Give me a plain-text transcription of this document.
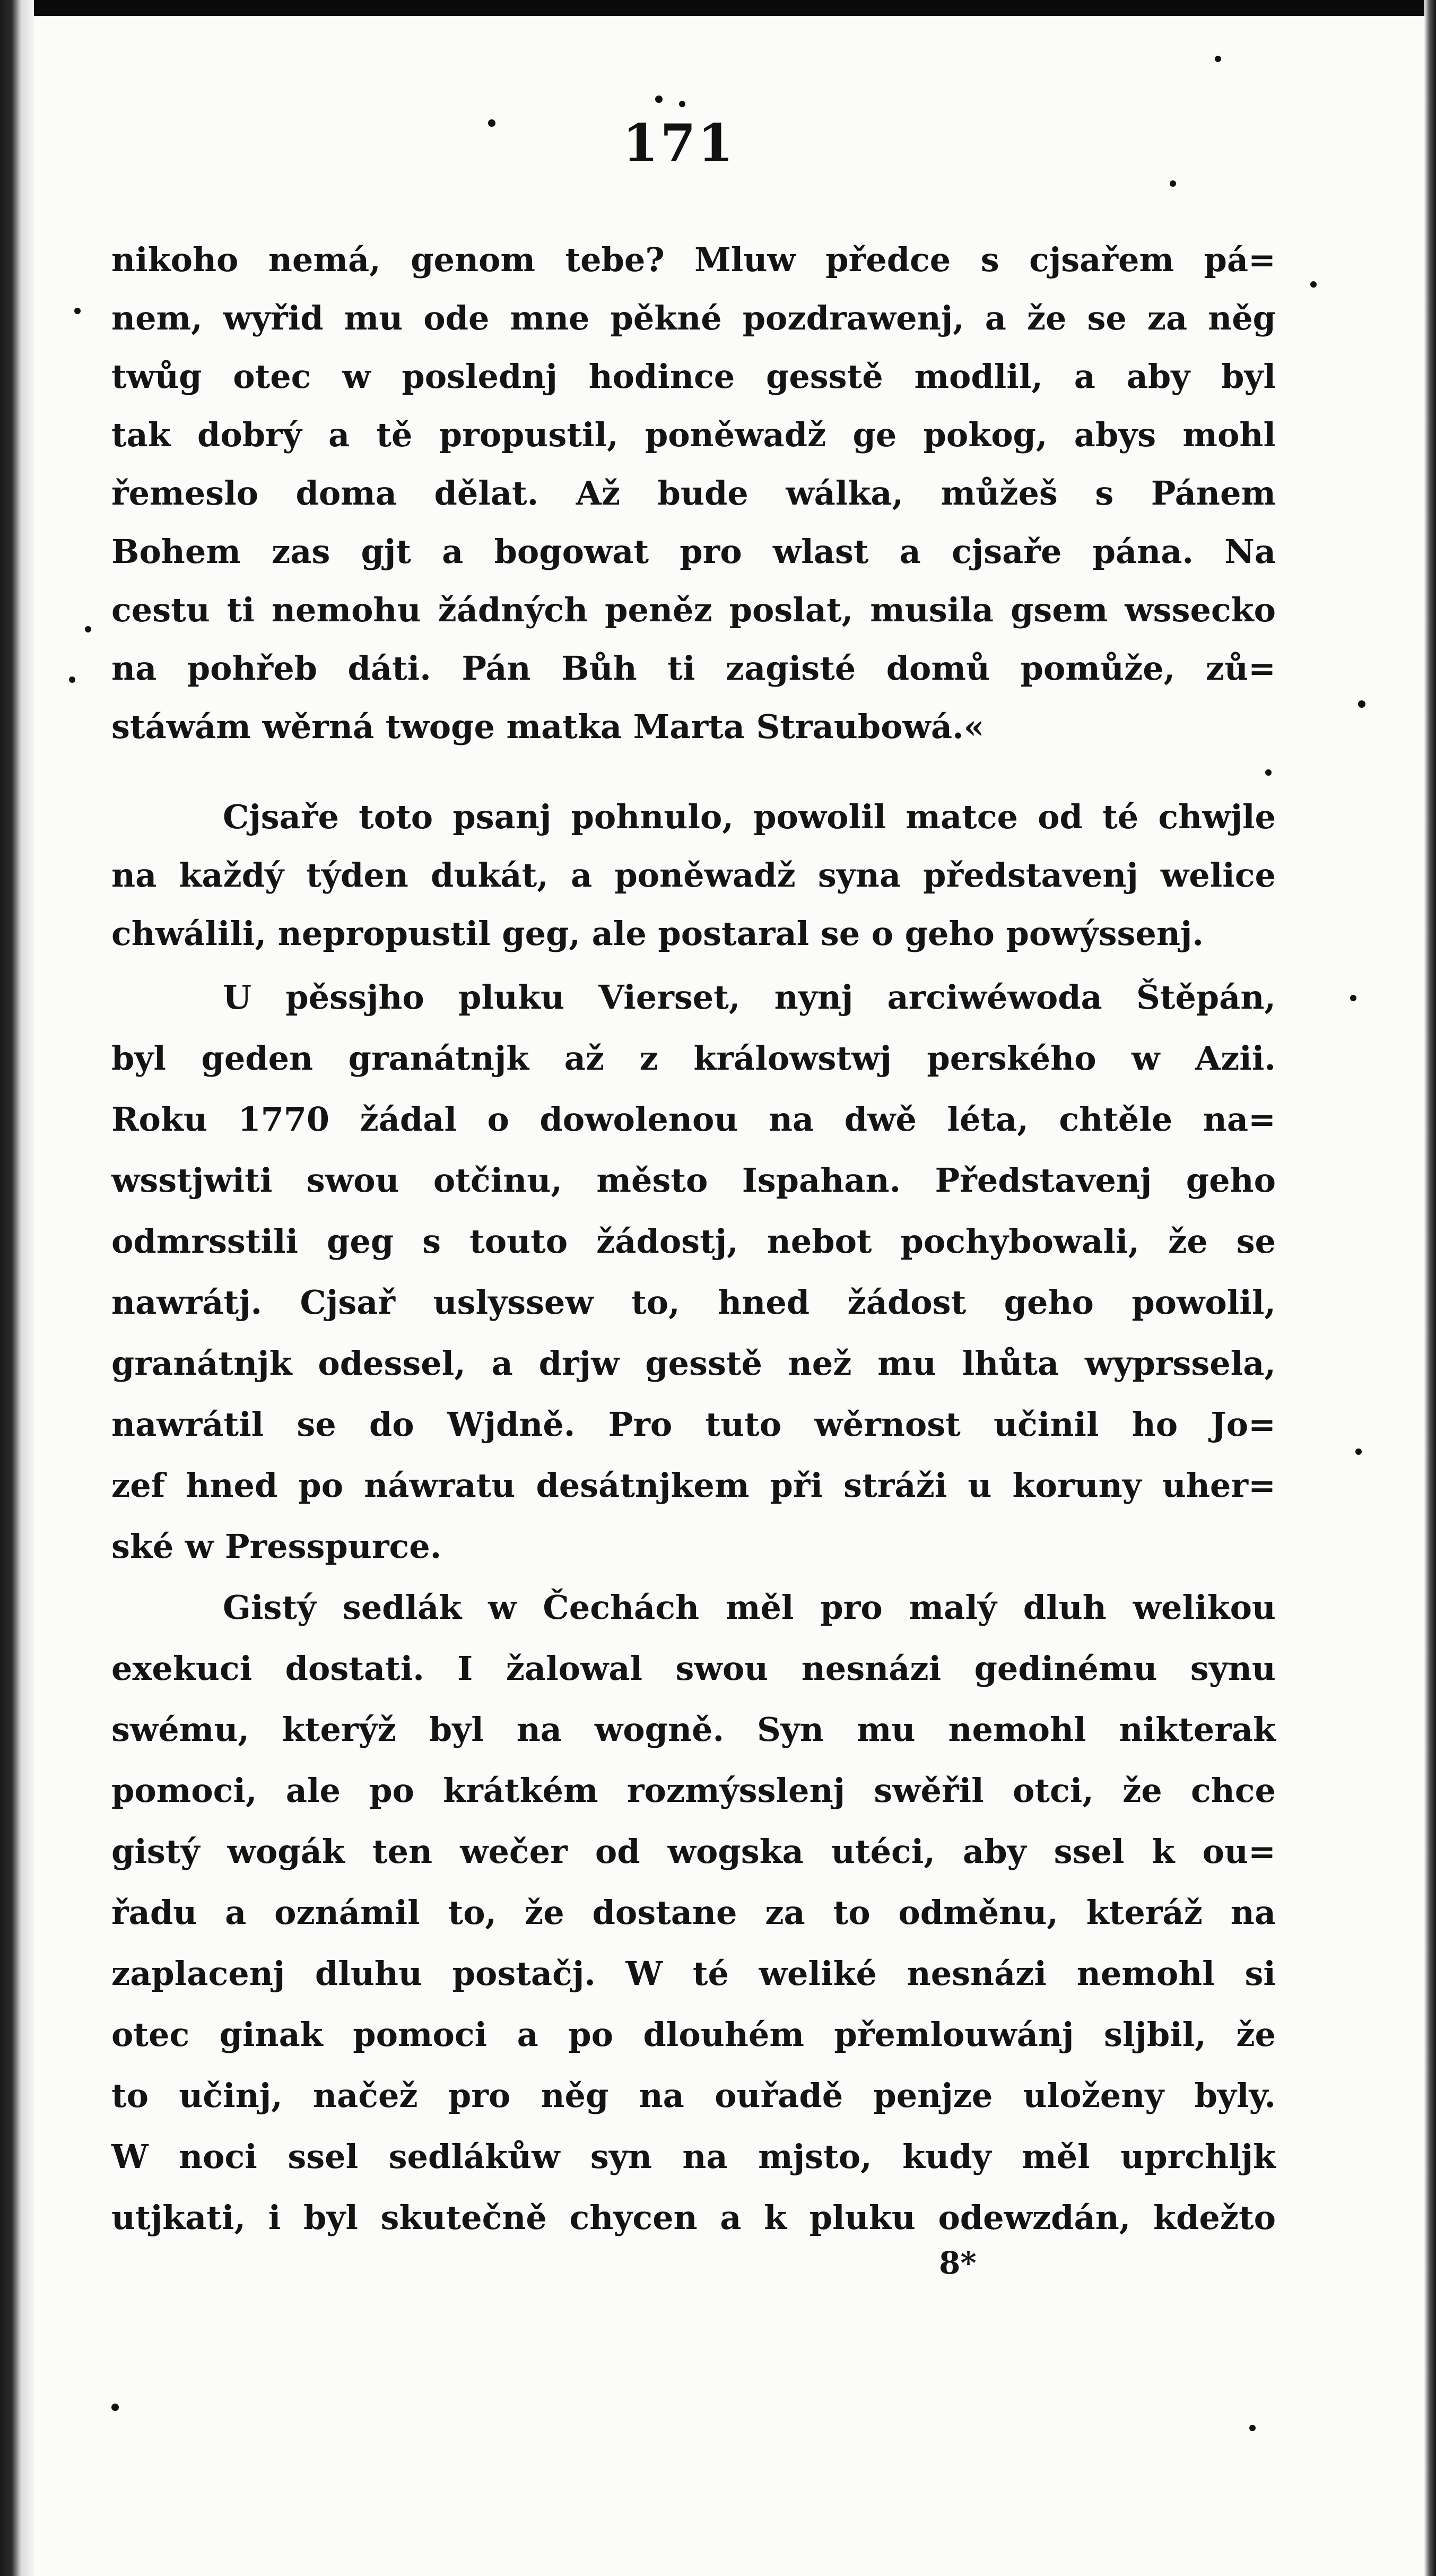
171
nikoho nemá, genom tebe? Mluw předce s cjsařem pá=
nem, wyřid mu ode mne pěkné pozdrawenj, a že se za něg
twůg otec w poslednj hodince gesstě modlil, a aby byl
tak dobrý a tě propustil, poněwadž ge pokog, abys mohl
řemeslo doma dělat. Až bude wálka, můžeš s Pánem
Bohem zas gjt a bogowat pro wlast a cjsaře pána. Na
cestu ti nemohu žádných peněz poslat, musila gsem wssecko
na pohřeb dáti. Pán Bůh ti zagisté domů pomůže, zů=
stáwám wěrná twoge matka Marta Straubowá.«
Cjsaře toto psanj pohnulo, powolil matce od té chwjle
na každý týden dukát, a poněwadž syna představenj welice
chwálili, nepropustil geg, ale postaral se o geho powýssenj.
U pěssjho pluku Vierset, nynj arciwéwoda Štěpán,
byl geden granátnjk až z králowstwj perského w Azii.
Roku 1770 žádal o dowolenou na dwě léta, chtěle na=
wsstjwiti swou otčinu, město Ispahan. Představenj geho
odmrsstili geg s touto žádostj, nebot pochybowali, že se
nawrátj. Cjsař uslyssew to, hned žádost geho powolil,
granátnjk odessel, a drjw gesstě než mu lhůta wyprssela,
nawrátil se do Wjdně. Pro tuto wěrnost učinil ho Jo=
zef hned po náwratu desátnjkem při stráži u koruny uher=
ské w Presspurce.
Gistý sedlák w Čechách měl pro malý dluh welikou
exekuci dostati. I žalowal swou nesnázi gedinému synu
swému, kterýž byl na wogně. Syn mu nemohl nikterak
pomoci, ale po krátkém rozmýsslenj swěřil otci, že chce
gistý wogák ten wečer od wogska utéci, aby ssel k ou=
řadu a oznámil to, že dostane za to odměnu, kteráž na
zaplacenj dluhu postačj. W té weliké nesnázi nemohl si
otec ginak pomoci a po dlouhém přemlouwánj sljbil, že
to učinj, načež pro něg na ouřadě penjze uloženy byly.
W noci ssel sedlákůw syn na mjsto, kudy měl uprchljk
utjkati, i byl skutečně chycen a k pluku odewzdán, kdežto
8*
